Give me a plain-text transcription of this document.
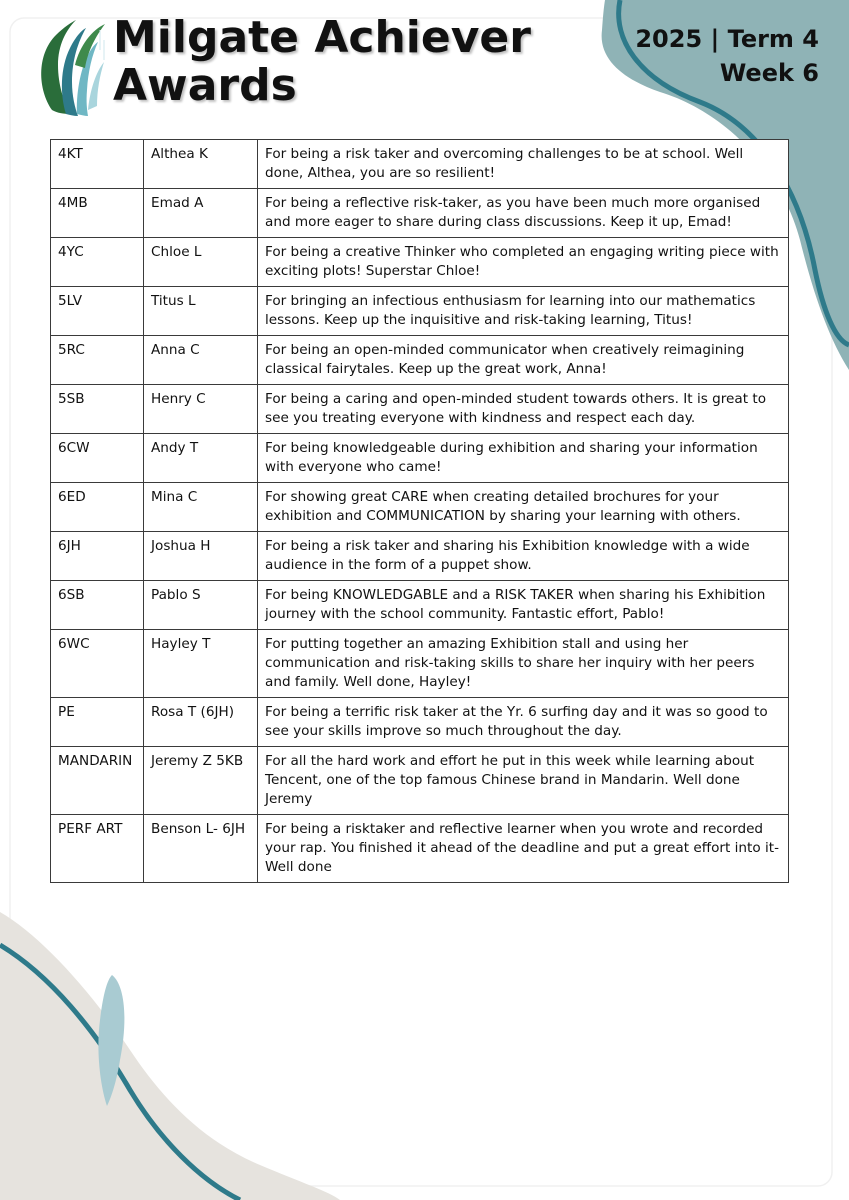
Milgate Achiever
Awards
2025 | Term 4
Week 6
4KT	Althea K	For being a risk taker and overcoming challenges to be at school. Well done, Althea, you are so resilient!
4MB	Emad A	For being a reflective risk-taker, as you have been much more organised and more eager to share during class discussions. Keep it up, Emad!
4YC	Chloe L	For being a creative Thinker who completed an engaging writing piece with exciting plots! Superstar Chloe!
5LV	Titus L	For bringing an infectious enthusiasm for learning into our mathematics lessons. Keep up the inquisitive and risk-taking learning, Titus!
5RC	Anna C	For being an open-minded communicator when creatively reimagining classical fairytales. Keep up the great work, Anna!
5SB	Henry C	For being a caring and open-minded student towards others. It is great to see you treating everyone with kindness and respect each day.
6CW	Andy T	For being knowledgeable during exhibition and sharing your information with everyone who came!
6ED	Mina C	For showing great CARE when creating detailed brochures for your exhibition and COMMUNICATION by sharing your learning with others.
6JH	Joshua H	For being a risk taker and sharing his Exhibition knowledge with a wide audience in the form of a puppet show.
6SB	Pablo S	For being KNOWLEDGABLE and a RISK TAKER when sharing his Exhibition journey with the school community. Fantastic effort, Pablo!
6WC	Hayley T	For putting together an amazing Exhibition stall and using her communication and risk-taking skills to share her inquiry with her peers and family. Well done, Hayley!
PE	Rosa T (6JH)	For being a terrific risk taker at the Yr. 6 surfing day and it was so good to see your skills improve so much throughout the day.
MANDARIN	Jeremy Z 5KB	For all the hard work and effort he put in this week while learning about Tencent, one of the top famous Chinese brand in Mandarin. Well done Jeremy
PERF ART	Benson L- 6JH	For being a risktaker and reflective learner when you wrote and recorded your rap. You finished it ahead of the deadline and put a great effort into it- Well done
